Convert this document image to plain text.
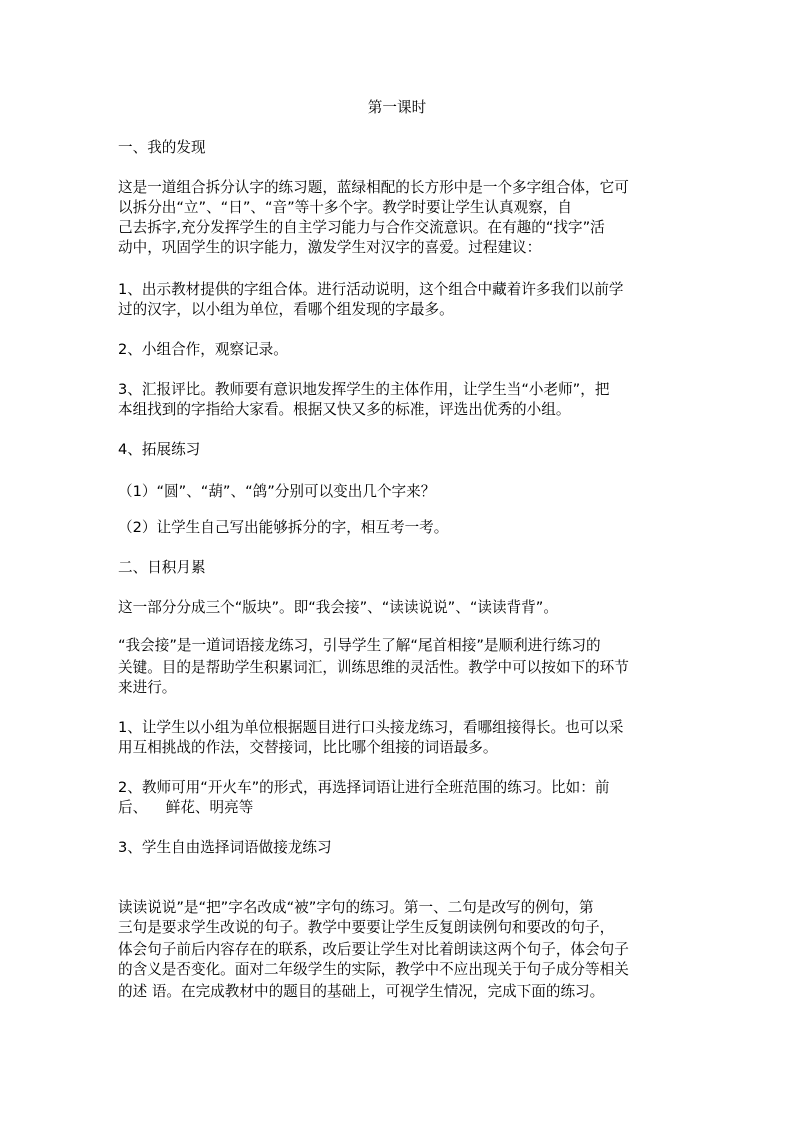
第一课时
一、我的发现
这是一道组合拆分认字的练习题，蓝绿相配的长方形中是一个多字组合体，它可
以拆分出“立”、“日”、“音”等十多个字。教学时要让学生认真观察，自
己去拆字,充分发挥学生的自主学习能力与合作交流意识。在有趣的“找字”活
动中，巩固学生的识字能力，激发学生对汉字的喜爱。过程建议：
1、出示教材提供的字组合体。进行活动说明，这个组合中藏着许多我们以前学
过的汉字，以小组为单位，看哪个组发现的字最多。
2、小组合作，观察记录。
3、汇报评比。教师要有意识地发挥学生的主体作用，让学生当“小老师”，把
本组找到的字指给大家看。根据又快又多的标准，评选出优秀的小组。
4、拓展练习
（1）“圆”、“葫”、“鸽”分别可以变出几个字来？
（2）让学生自己写出能够拆分的字，相互考一考。
二、日积月累
这一部分分成三个“版块”。即“我会接”、“读读说说”、“读读背背”。
“我会接”是一道词语接龙练习，引导学生了解“尾首相接”是顺利进行练习的
关键。目的是帮助学生积累词汇，训练思维的灵活性。教学中可以按如下的环节
来进行。
1、让学生以小组为单位根据题目进行口头接龙练习，看哪组接得长。也可以采
用互相挑战的作法，交替接词，比比哪个组接的词语最多。
2、教师可用“开火车”的形式，再选择词语让进行全班范围的练习。比如：前
后、    鲜花、明亮等
3、学生自由选择词语做接龙练习
读读说说”是“把”字名改成“被”字句的练习。第一、二句是改写的例句，第
三句是要求学生改说的句子。教学中要要让学生反复朗读例句和要改的句子，
体会句子前后内容存在的联系，改后要让学生对比着朗读这两个句子，体会句子
的含义是否变化。面对二年级学生的实际，教学中不应出现关于句子成分等相关
的述 语。在完成教材中的题目的基础上，可视学生情况，完成下面的练习。
